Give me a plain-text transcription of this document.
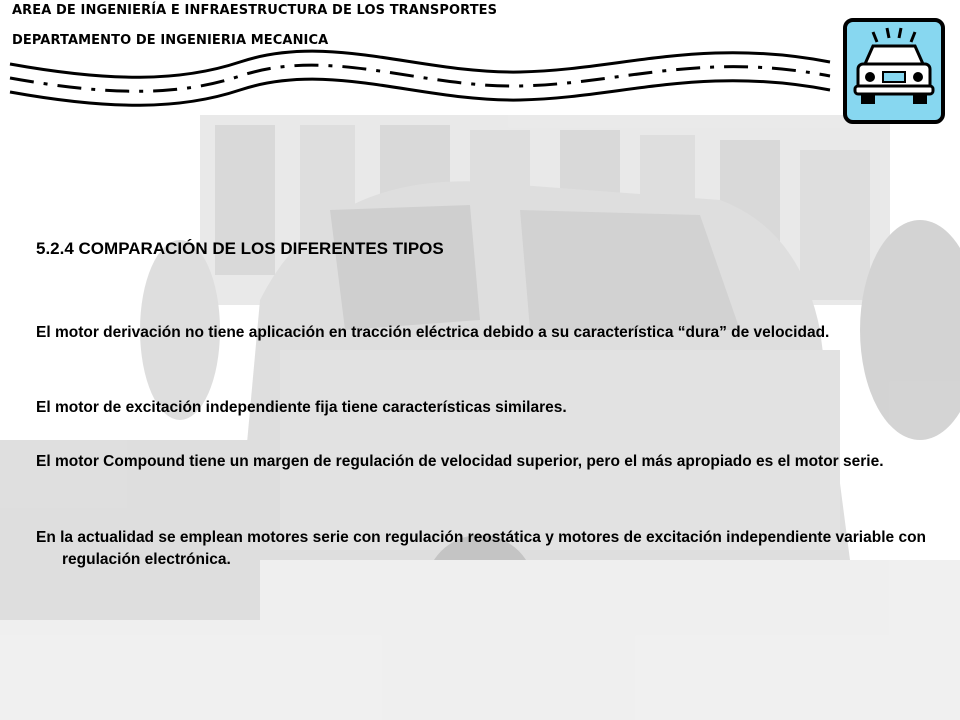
AREA DE INGENIERÍA E INFRAESTRUCTURA DE LOS TRANSPORTES
DEPARTAMENTO DE INGENIERIA MECANICA
5.2.4 COMPARACIÓN DE LOS DIFERENTES TIPOS
El motor derivación no tiene aplicación en tracción eléctrica debido a su característica “dura” de velocidad.
El motor de excitación independiente fija tiene características similares.
El motor Compound tiene un margen de regulación de velocidad superior, pero el más apropiado es el motor serie.
En la actualidad se emplean motores serie con regulación reostática y motores de excitación independiente variable con regulación electrónica.
